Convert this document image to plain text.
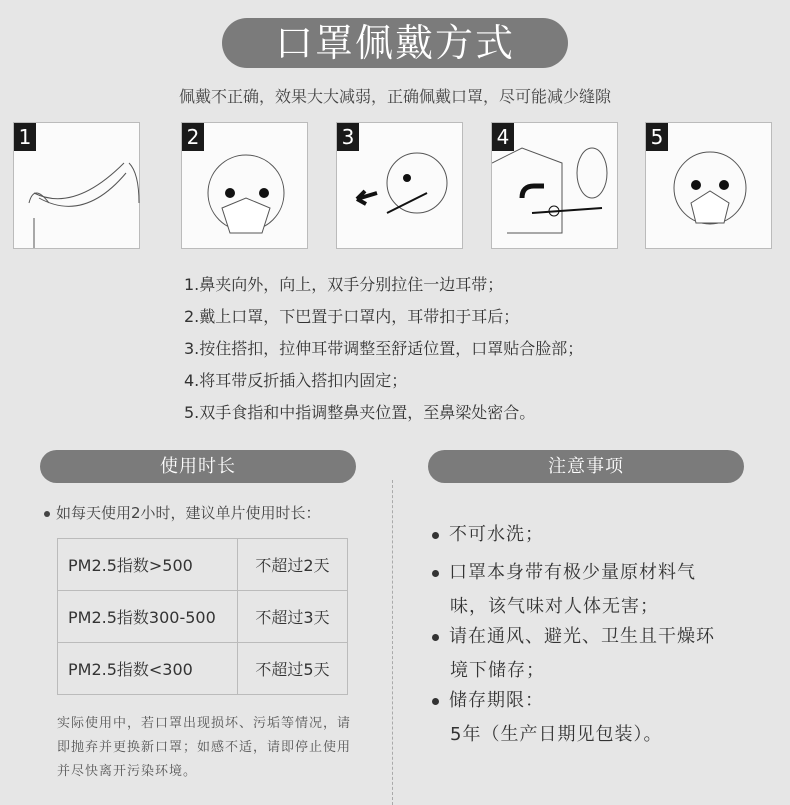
口罩佩戴方式
佩戴不正确，效果大大减弱，正确佩戴口罩，尽可能减少缝隙
1	2	3	4	5
1.鼻夹向外，向上，双手分别拉住一边耳带；
2.戴上口罩，下巴置于口罩内，耳带扣于耳后；
3.按住搭扣，拉伸耳带调整至舒适位置，口罩贴合脸部；
4.将耳带反折插入搭扣内固定；
5.双手食指和中指调整鼻夹位置，至鼻梁处密合。
使用时长	注意事项
如每天使用2小时，建议单片使用时长：
PM2.5指数>500	不超过2天
PM2.5指数300-500	不超过3天
PM2.5指数<300	不超过5天
实际使用中，若口罩出现损坏、污垢等情况，请即抛弃并更换新口罩；如感不适，请即停止使用并尽快离开污染环境。
不可水洗；
口罩本身带有极少量原材料气
味，该气味对人体无害；
请在通风、避光、卫生且干燥环
境下储存；
储存期限：
5年（生产日期见包装）。
